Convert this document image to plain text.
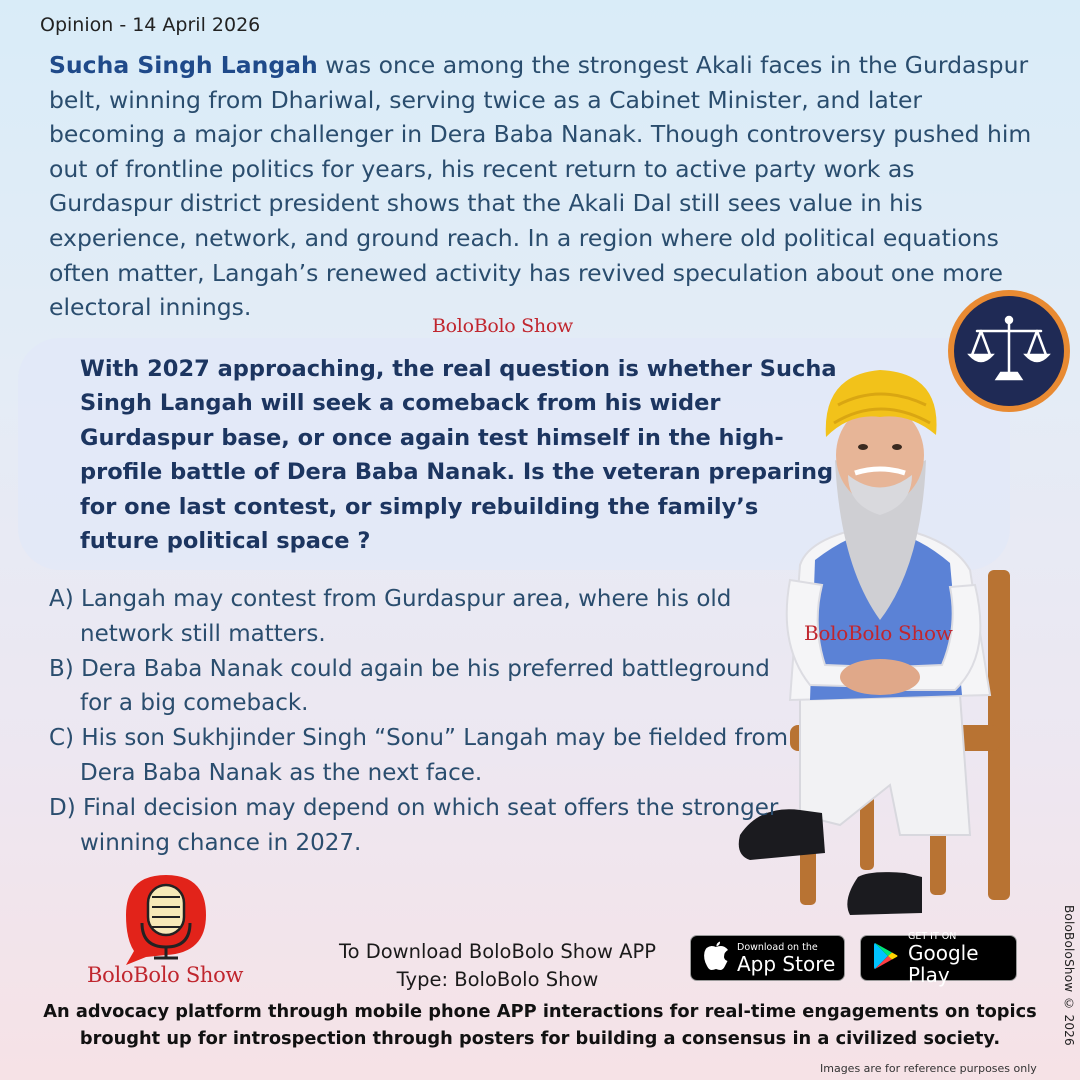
Opinion - 14 April 2026
Sucha Singh Langah was once among the strongest Akali faces in the Gurdaspur belt, winning from Dhariwal, serving twice as a Cabinet Minister, and later becoming a major challenger in Dera Baba Nanak. Though controversy pushed him out of frontline politics for years, his recent return to active party work as Gurdaspur district president shows that the Akali Dal still sees value in his experience, network, and ground reach. In a region where old political equations often matter, Langah’s renewed activity has revived speculation about one more electoral innings.
BoloBolo Show
With 2027 approaching, the real question is whether Sucha Singh Langah will seek a comeback from his wider Gurdaspur base, or once again test himself in the high-profile battle of Dera Baba Nanak. Is the veteran preparing for one last contest, or simply rebuilding the family’s future political space ?
BoloBolo Show
A) Langah may contest from Gurdaspur area, where his old network still matters.
B) Dera Baba Nanak could again be his preferred battleground for a big comeback.
C) His son Sukhjinder Singh “Sonu” Langah may be fielded from Dera Baba Nanak as the next face.
D) Final decision may depend on which seat offers the stronger winning chance in 2027.
BoloBolo Show
To Download BoloBolo Show APP
Type: BoloBolo Show
Download on the
App Store
GET IT ON
Google Play
An advocacy platform through mobile phone APP interactions for real-time engagements on topics brought up for introspection through posters for building a consensus in a civilized society.	BoloBoloShow © 2026
Images are for reference purposes only
